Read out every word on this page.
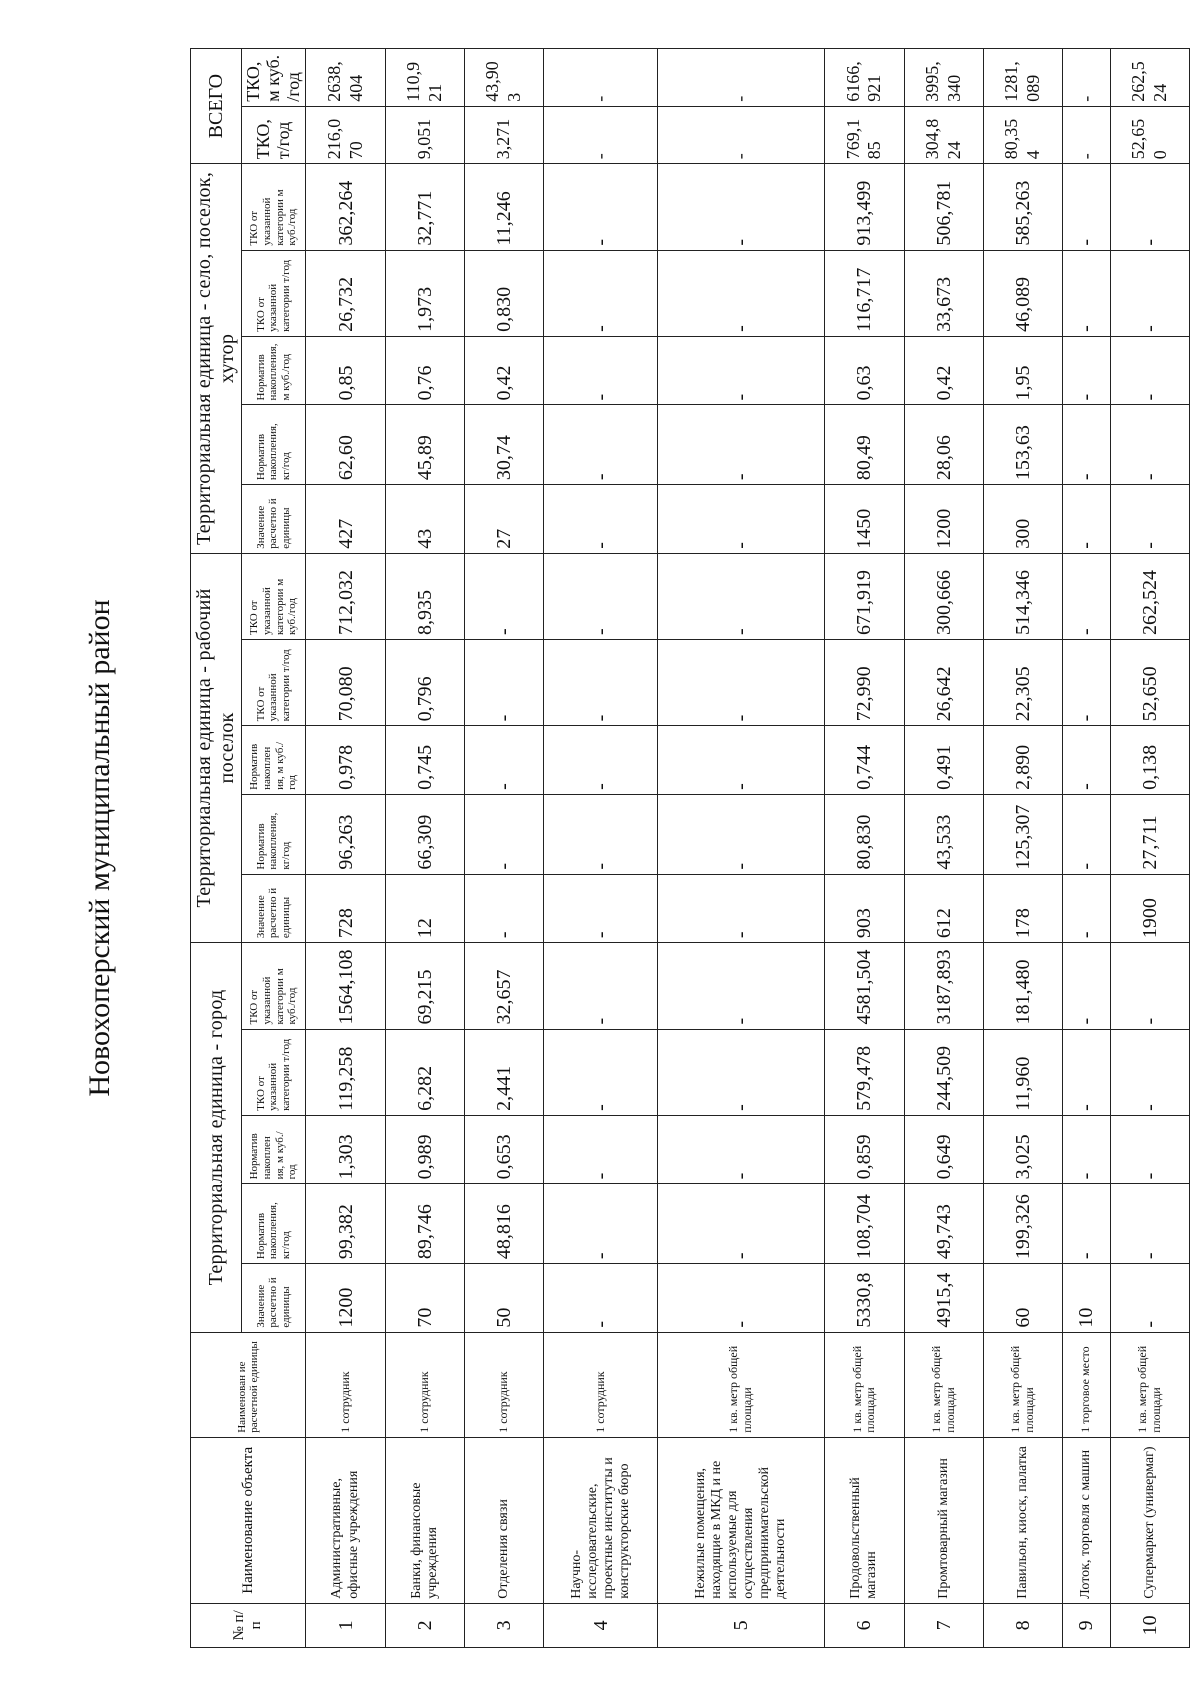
Новохоперский муниципальный район
№ п/п	Наименование объекта	Наименован ие расчетной единицы	Территориальная единица - город					Территориальная единица - рабочий поселок					Территориальная единица - село, поселок, хутор					ВСЕГО	
			Значение расчетно й единицы	Норматив накопления, кг/год	Норматив накоплен ия, м куб./год	ТКО от указанной категории т/год	ТКО от указанной категории м куб./год	Значение расчетно й единицы	Норматив накопления, кг/год	Норматив накоплен ия, м куб./год	ТКО от указанной категории т/год	ТКО от указанной категории м куб./год	Значение расчетно й единицы	Норматив накопления, кг/год	Норматив накопления, м куб./год	ТКО от указанной категории т/год	ТКО от указанной категории м куб./год	ТКО, т/год	ТКО, м куб. /год
1	Административные, офисные учреждения	1 сотрудник	1200	99,382	1,303	119,258	1564,108	728	96,263	0,978	70,080	712,032	427	62,60	0,85	26,732	362,264	216,070	2638,404
2	Банки, финансовые учреждения	1 сотрудник	70	89,746	0,989	6,282	69,215	12	66,309	0,745	0,796	8,935	43	45,89	0,76	1,973	32,771	9,051	110,921
3	Отделения связи	1 сотрудник	50	48,816	0,653	2,441	32,657	-	-	-	-	-	27	30,74	0,42	0,830	11,246	3,271	43,903
4	Научно-исследовательские, проектные институты и конструкторские бюро	1 сотрудник	-	-	-	-	-	-	-	-	-	-	-	-	-	-	-	-	-
5	Нежилые помещения, находящие в МКД и не используемые для осуществления предпринимательской деятельности	1 кв. метр общей площади	-	-	-	-	-	-	-	-	-	-	-	-	-	-	-	-	-
6	Продовольственный магазин	1 кв. метр общей площади	5330,8	108,704	0,859	579,478	4581,504	903	80,830	0,744	72,990	671,919	1450	80,49	0,63	116,717	913,499	769,185	6166,921
7	Промтоварный магазин	1 кв. метр общей площади	4915,4	49,743	0,649	244,509	3187,893	612	43,533	0,491	26,642	300,666	1200	28,06	0,42	33,673	506,781	304,824	3995,340
8	Павильон, киоск, палатка	1 кв. метр общей площади	60	199,326	3,025	11,960	181,480	178	125,307	2,890	22,305	514,346	300	153,63	1,95	46,089	585,263	80,354	1281,089
9	Лоток, торговля с машин	1 торговое место	10	-	-	-	-	-	-	-	-	-	-	-	-	-	-	-	-
10	Супермаркет (универмаг)	1 кв. метр общей площади	-	-	-	-	-	1900	27,711	0,138	52,650	262,524	-	-	-	-	-	52,650	262,524
